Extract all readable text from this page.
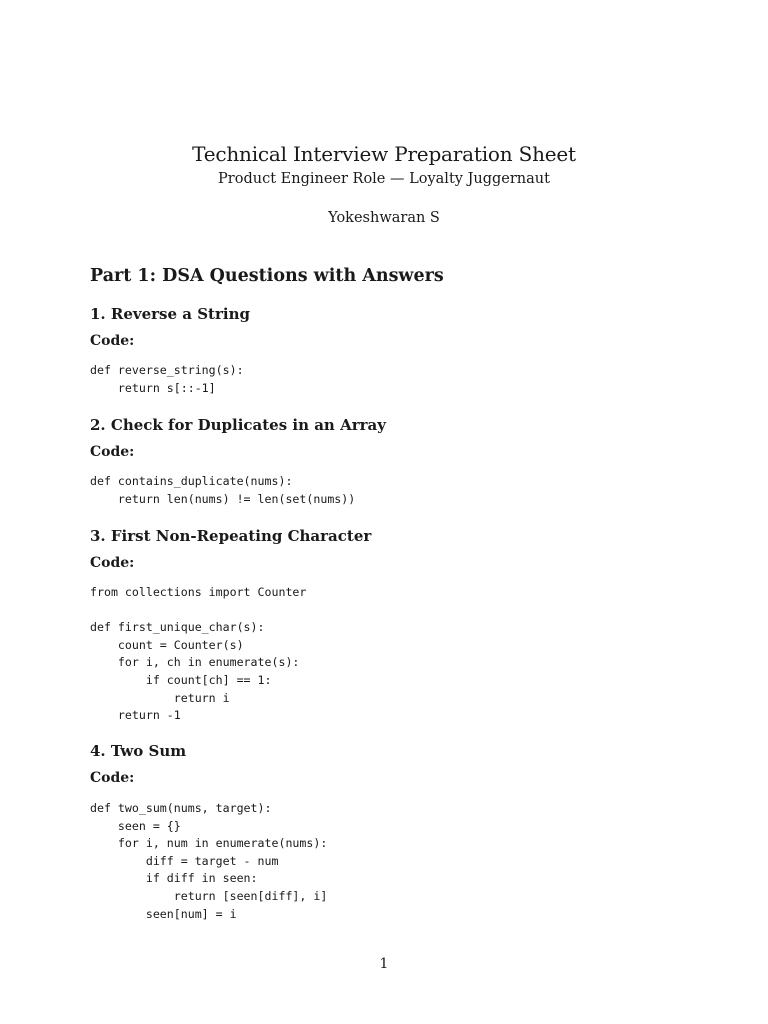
Technical Interview Preparation Sheet

Product Engineer Role — Loyalty Juggernaut

Yokeshwaran S

Part 1: DSA Questions with Answers
1. Reverse a String

Code:

def reverse_string(s):
return s[::-1]
2. Check for Duplicates in an Array

Code:

def contains_duplicate(nums):
return len(nums) != len(set(nums))
3. First Non-Repeating Character

Code:

from collections import Counter

def first_unique_char(s):
count = Counter(s)
for i, ch in enumerate(s):
if count[ch] == 1:
return i
return -1
4. Two Sum

Code:

def two_sum(nums, target):
seen = {}
for i, num in enumerate(nums):
diff = target - num
if diff in seen:
return [seen[diff], i]
seen[num] = i

1
